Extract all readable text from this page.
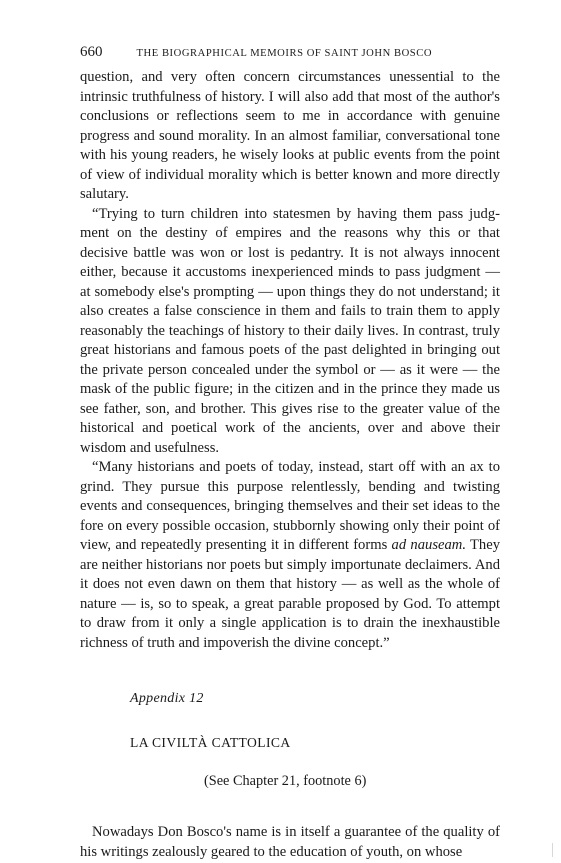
660	THE BIOGRAPHICAL MEMOIRS OF SAINT JOHN BOSCO

question, and very often concern circumstances unessential to the intrinsic truthfulness of history. I will also add that most of the author's conclusions or reflections seem to me in accordance with genuine progress and sound morality. In an almost familiar, conversational tone with his young readers, he wisely looks at public events from the point of view of individual morality which is better known and more directly salutary.

“Trying to turn children into statesmen by having them pass judgment on the destiny of empires and the reasons why this or that decisive battle was won or lost is pedantry. It is not always innocent either, because it accustoms inexperienced minds to pass judgment — at somebody else's prompting — upon things they do not understand; it also creates a false conscience in them and fails to train them to apply reasonably the teachings of history to their daily lives. In contrast, truly great historians and famous poets of the past delighted in bringing out the private person concealed under the symbol or — as it were — the mask of the public figure; in the citizen and in the prince they made us see father, son, and brother. This gives rise to the greater value of the historical and poetical work of the ancients, over and above their wisdom and usefulness.

“Many historians and poets of today, instead, start off with an ax to grind. They pursue this purpose relentlessly, bending and twisting events and consequences, bringing themselves and their set ideas to the fore on every possible occasion, stubbornly showing only their point of view, and repeatedly presenting it in different forms ad nauseam. They are neither historians nor poets but simply importunate declaimers. And it does not even dawn on them that history — as well as the whole of nature — is, so to speak, a great parable proposed by God. To attempt to draw from it only a single application is to drain the inexhaustible richness of truth and impoverish the divine concept.”

Appendix 12
LA CIVILTÀ CATTOLICA
(See Chapter 21, footnote 6)

Nowadays Don Bosco's name is in itself a guarantee of the quality of his writings zealously geared to the education of youth, on whose
